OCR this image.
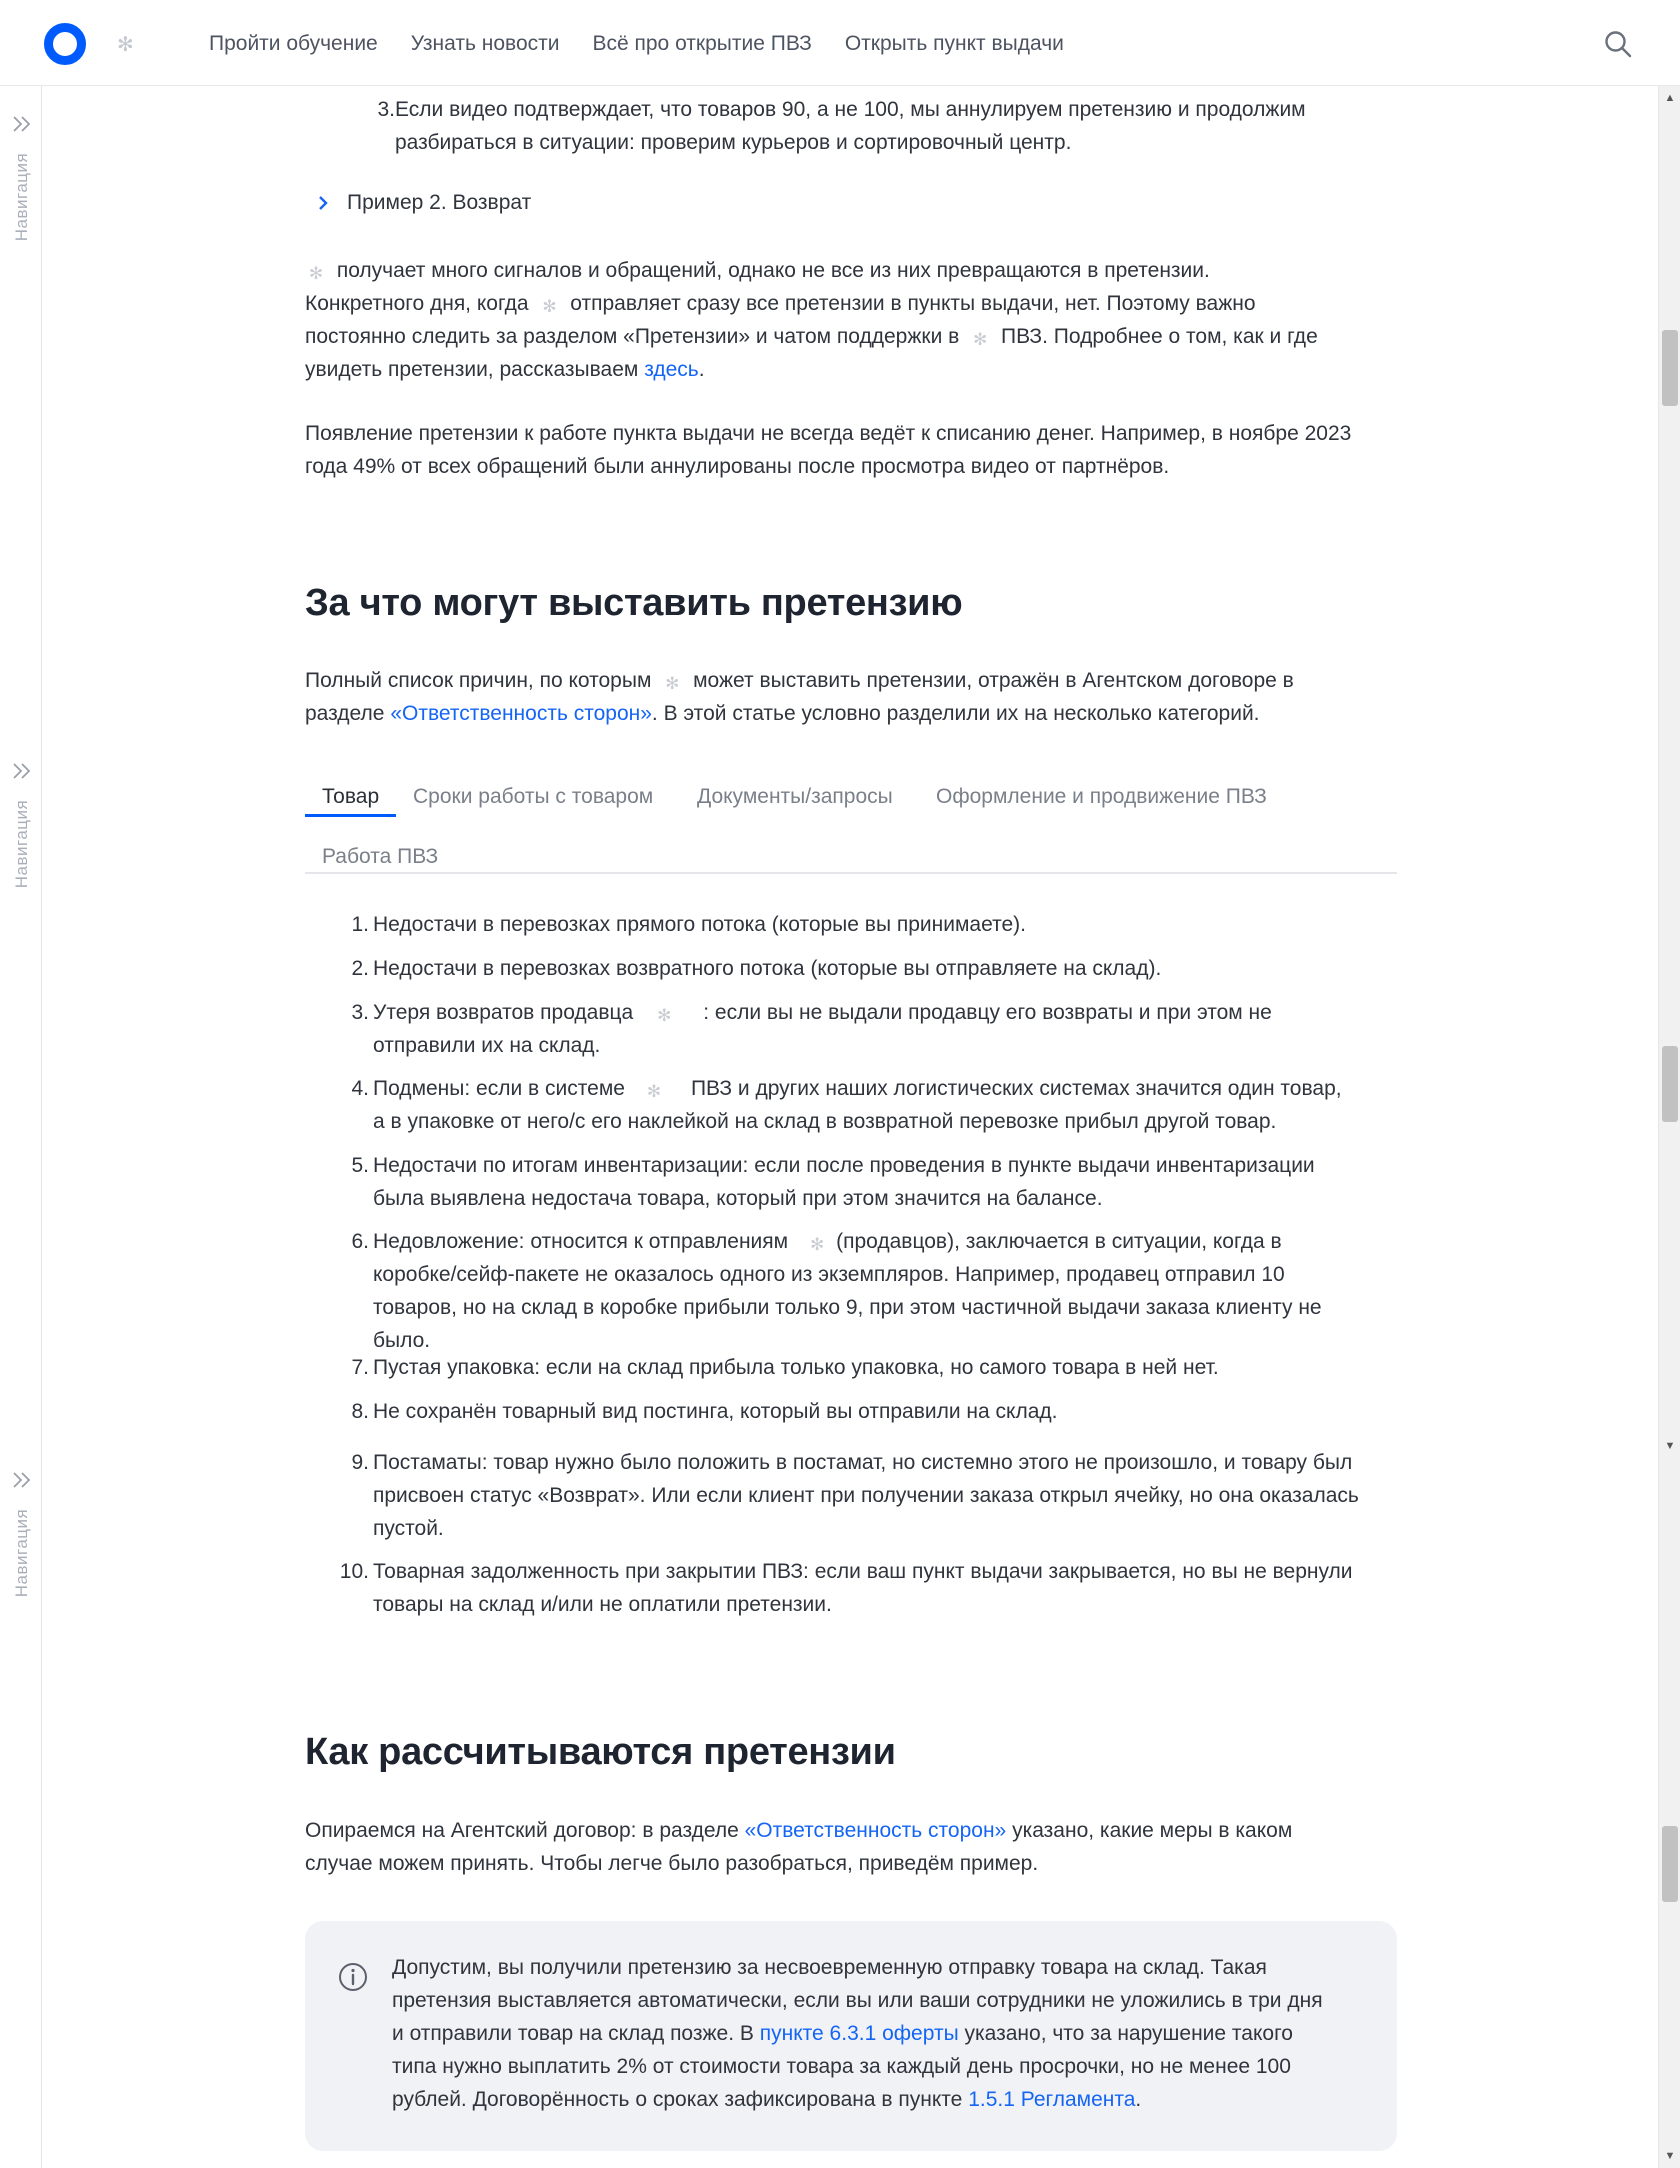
✻	Пройти обучение Узнать новости Всё про открытие ПВЗ Открыть пункт выдачи
Навигация
Навигация
Навигация
▲
▼
▼
3. Если видео подтверждает, что товаров 90, а не 100, мы аннулируем претензию и продолжим
разбираться в ситуации: проверим курьеров и сортировочный центр.
Пример 2. Возврат

✻ получает много сигналов и обращений, однако не все из них превращаются в претензии.
Конкретного дня, когда ✻ отправляет сразу все претензии в пункты выдачи, нет. Поэтому важно
постоянно следить за разделом «Претензии» и чатом поддержки в ✻ ПВЗ. Подробнее о том, как и где
увидеть претензии, рассказываем здесь.

Появление претензии к работе пункта выдачи не всегда ведёт к списанию денег. Например, в ноябре 2023
года 49% от всех обращений были аннулированы после просмотра видео от партнёров.

За что могут выставить претензию

Полный список причин, по которым ✻ может выставить претензии, отражён в Агентском договоре в
разделе «Ответственность сторон». В этой статье условно разделили их на несколько категорий.

Товар Сроки работы с товаром Документы/запросы Оформление и продвижение ПВЗ
Работа ПВЗ
1. Недостачи в перевозках прямого потока (которые вы принимаете).
2. Недостачи в перевозках возвратного потока (которые вы отправляете на склад).
3. Утеря возвратов продавца ✻ : если вы не выдали продавцу его возвраты и при этом не
отправили их на склад.
4. Подмены: если в системе ✻ ПВЗ и других наших логистических системах значится один товар,
а в упаковке от него/с его наклейкой на склад в возвратной перевозке прибыл другой товар.
5. Недостачи по итогам инвентаризации: если после проведения в пункте выдачи инвентаризации
была выявлена недостача товара, который при этом значится на балансе.
6. Недовложение: относится к отправлениям ✻ (продавцов), заключается в ситуации, когда в
коробке/сейф-пакете не оказалось одного из экземпляров. Например, продавец отправил 10
товаров, но на склад в коробке прибыли только 9, при этом частичной выдачи заказа клиенту не
было.
7. Пустая упаковка: если на склад прибыла только упаковка, но самого товара в ней нет.
8. Не сохранён товарный вид постинга, который вы отправили на склад.
9. Постаматы: товар нужно было положить в постамат, но системно этого не произошло, и товару был
присвоен статус «Возврат». Или если клиент при получении заказа открыл ячейку, но она оказалась
пустой.
10. Товарная задолженность при закрытии ПВЗ: если ваш пункт выдачи закрывается, но вы не вернули
товары на склад и/или не оплатили претензии.
Как рассчитываются претензии

Опираемся на Агентский договор: в разделе «Ответственность сторон» указано, какие меры в каком
случае можем принять. Чтобы легче было разобраться, приведём пример.

Допустим, вы получили претензию за несвоевременную отправку товара на склад. Такая
претензия выставляется автоматически, если вы или ваши сотрудники не уложились в три дня
и отправили товар на склад позже. В пункте 6.3.1 оферты указано, что за нарушение такого
типа нужно выплатить 2% от стоимости товара за каждый день просрочки, но не менее 100
рублей. Договорённость о сроках зафиксирована в пункте 1.5.1 Регламента.
